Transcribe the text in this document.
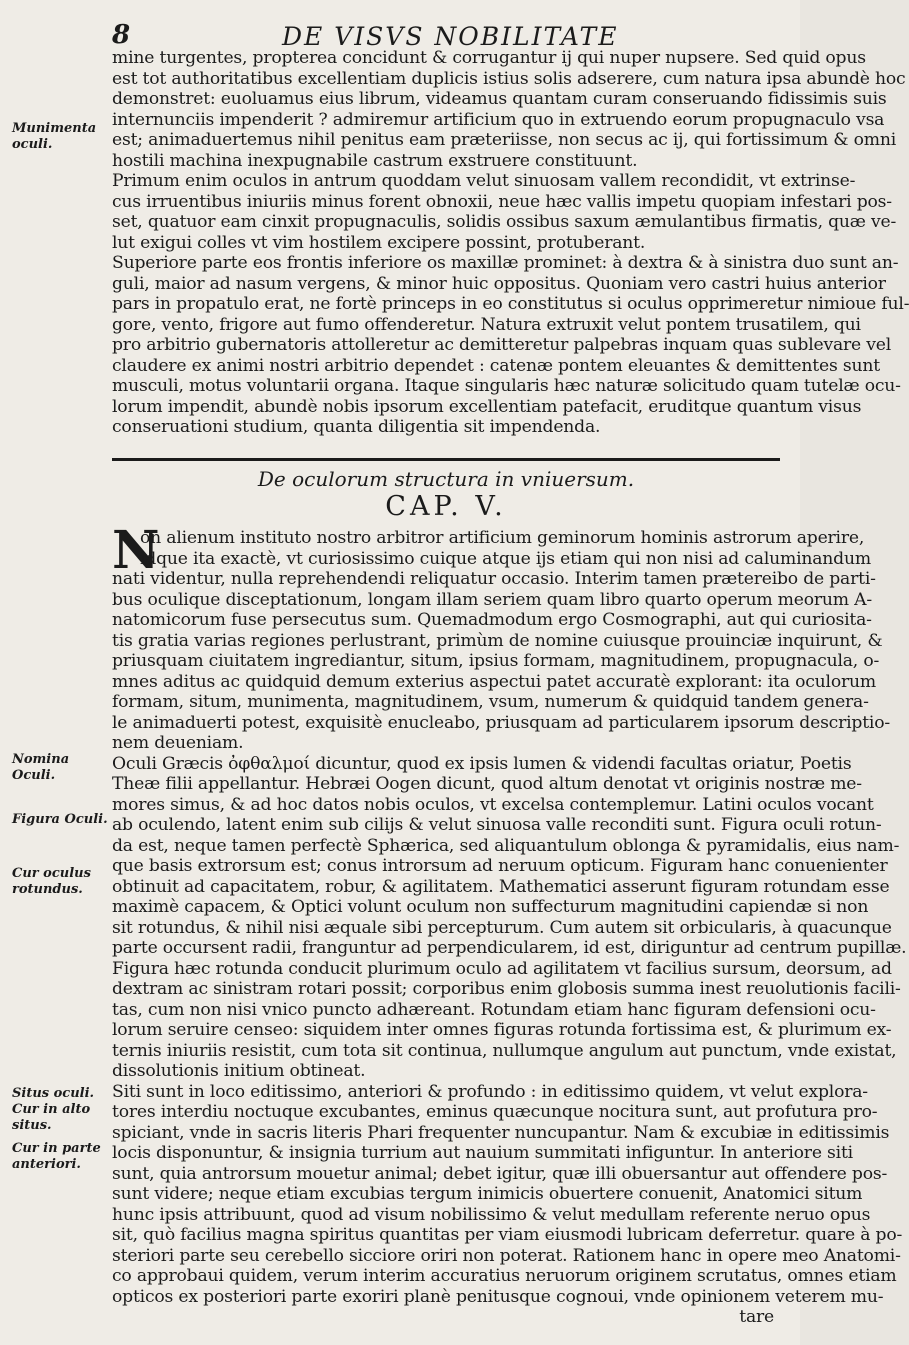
8	DE VISVS NOBILITATE
mine turgentes, propterea concidunt & corrugantur ij qui nuper nupsere. Sed quid opus
est tot authoritatibus excellentiam duplicis istius solis adserere, cum natura ipsa abundè hoc
demonstret: euoluamus eius librum, videamus quantam curam conseruando fidissimis suis
internunciis impenderit ? admiremur artificium quo in extruendo eorum propugnaculo vsa
est; animaduertemus nihil penitus eam præteriisse, non secus ac ij, qui fortissimum & omni
hostili machina inexpugnabile castrum exstruere constituunt.
Primum enim oculos in antrum quoddam velut sinuosam vallem recondidit, vt extrinse-
cus irruentibus iniuriis minus forent obnoxii, neue hæc vallis impetu quopiam infestari pos-
set, quatuor eam cinxit propugnaculis, solidis ossibus saxum æmulantibus firmatis, quæ ve-
lut exigui colles vt vim hostilem excipere possint, protuberant.
Superiore parte eos frontis inferiore os maxillæ prominet: à dextra & à sinistra duo sunt an-
guli, maior ad nasum vergens, & minor huic oppositus. Quoniam vero castri huius anterior
pars in propatulo erat, ne fortè princeps in eo constitutus si oculus opprimeretur nimioue ful-
gore, vento, frigore aut fumo offenderetur. Natura extruxit velut pontem trusatilem, qui
pro arbitrio gubernatoris attolleretur ac demitteretur palpebras inquam quas sublevare vel
claudere ex animi nostri arbitrio dependet : catenæ pontem eleuantes & demittentes sunt
musculi, motus voluntarii organa. Itaque singularis hæc naturæ solicitudo quam tutelæ ocu-
lorum impendit, abundè nobis ipsorum excellentiam patefacit, eruditque quantum visus
conseruationi studium, quanta diligentia sit impendenda.
Munimenta oculi.
De oculorum structura in vniuersum.
CAP. V.
N
on alienum instituto nostro arbitror artificium geminorum hominis astrorum aperire,
idque ita exactè, vt curiosissimo cuique atque ijs etiam qui non nisi ad caluminandum
nati videntur, nulla reprehendendi reliquatur occasio. Interim tamen prætereibo de parti-
bus oculique disceptationum, longam illam seriem quam libro quarto operum meorum A-
natomicorum fuse persecutus sum. Quemadmodum ergo Cosmographi, aut qui curiosita-
tis gratia varias regiones perlustrant, primùm de nomine cuiusque prouinciæ inquirunt, &
priusquam ciuitatem ingrediantur, situm, ipsius formam, magnitudinem, propugnacula, o-
mnes aditus ac quidquid demum exterius aspectui patet accuratè explorant: ita oculorum
formam, situm, munimenta, magnitudinem, vsum, numerum & quidquid tandem genera-
le animaduerti potest, exquisitè enucleabo, priusquam ad particularem ipsorum descriptio-
nem deueniam.
Oculi Græcis ὀφθαλμοί dicuntur, quod ex ipsis lumen & videndi facultas oriatur, Poetis
Theæ filii appellantur. Hebræi Oogen dicunt, quod altum denotat vt originis nostræ me-
mores simus, & ad hoc datos nobis oculos, vt excelsa contemplemur. Latini oculos vocant
ab oculendo, latent enim sub cilijs & velut sinuosa valle reconditi sunt. Figura oculi rotun-
da est, neque tamen perfectè Sphærica, sed aliquantulum oblonga & pyramidalis, eius nam-
que basis extrorsum est; conus introrsum ad neruum opticum. Figuram hanc conuenienter
obtinuit ad capacitatem, robur, & agilitatem. Mathematici asserunt figuram rotundam esse
maximè capacem, & Optici volunt oculum non suffecturum magnitudini capiendæ si non
sit rotundus, & nihil nisi æquale sibi percepturum. Cum autem sit orbicularis, à quacunque
parte occursent radii, franguntur ad perpendicularem, id est, diriguntur ad centrum pupillæ.
Figura hæc rotunda conducit plurimum oculo ad agilitatem vt facilius sursum, deorsum, ad
dextram ac sinistram rotari possit; corporibus enim globosis summa inest reuolutionis facili-
tas, cum non nisi vnico puncto adhæreant. Rotundam etiam hanc figuram defensioni ocu-
lorum seruire censeo: siquidem inter omnes figuras rotunda fortissima est, & plurimum ex-
ternis iniuriis resistit, cum tota sit continua, nullumque angulum aut punctum, vnde existat,
dissolutionis initium obtineat.
Siti sunt in loco editissimo, anteriori & profundo : in editissimo quidem, vt velut explora-
tores interdiu noctuque excubantes, eminus quæcunque nocitura sunt, aut profutura pro-
spiciant, vnde in sacris literis Phari frequenter nuncupantur. Nam & excubiæ in editissimis
locis disponuntur, & insignia turrium aut nauium summitati infiguntur. In anteriore siti
sunt, quia antrorsum mouetur animal; debet igitur, quæ illi obuersantur aut offendere pos-
sunt videre; neque etiam excubias tergum inimicis obuertere conuenit, Anatomici situm
hunc ipsis attribuunt, quod ad visum nobilissimo & velut medullam referente neruo opus
sit, quò facilius magna spiritus quantitas per viam eiusmodi lubricam deferretur. quare à po-
steriori parte seu cerebello sicciore oriri non poterat. Rationem hanc in opere meo Anatomi-
co approbaui quidem, verum interim accuratius neruorum originem scrutatus, omnes etiam
opticos ex posteriori parte exoriri planè penitusque cognoui, vnde opinionem veterem mu-
tare
Nomina Oculi.
Figura Oculi.
Cur oculus rotundus.
Situs oculi. Cur in alto situs.
Cur in parte anteriori.
